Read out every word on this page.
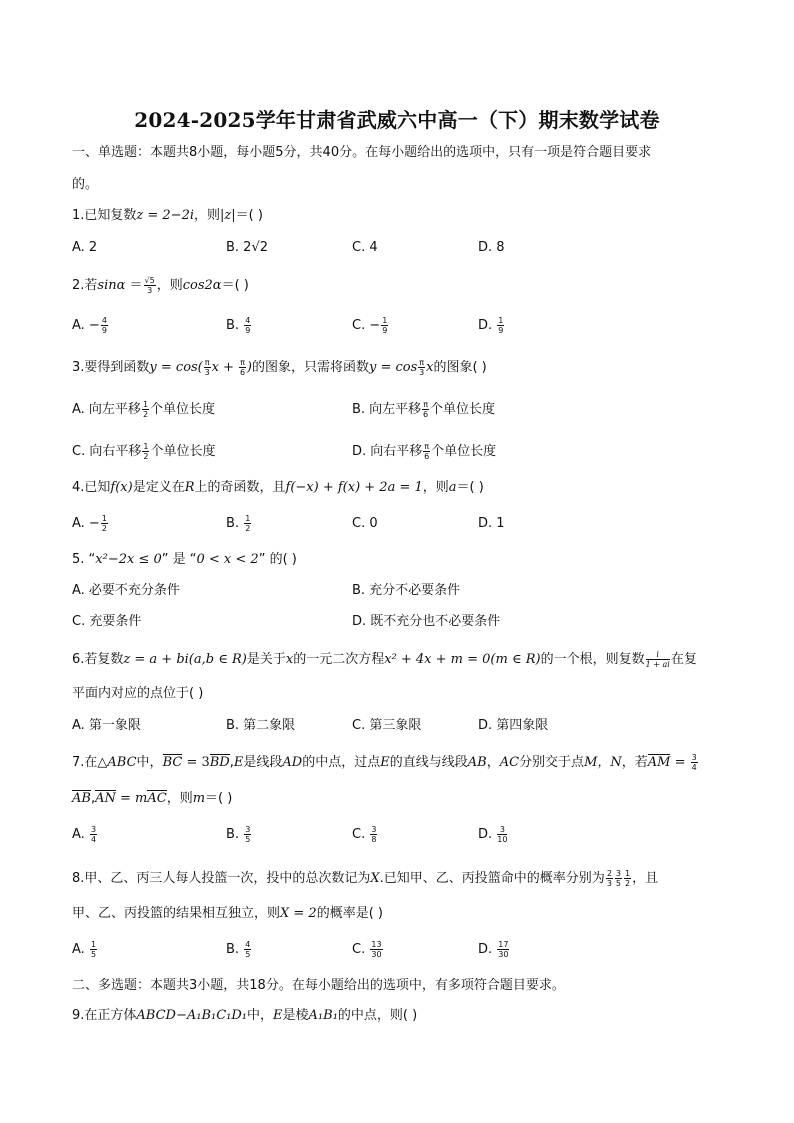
2024-2025学年甘肃省武威六中高一（下）期末数学试卷
一、单选题：本题共8小题，每小题5分，共40分。在每小题给出的选项中，只有一项是符合题目要求
的。
1.已知复数z = 2−2i，则|z|＝( )
A. 2	B. 2√2	C. 4	D. 8
2.若$\sin\alpha = \frac{√5}{3}$ ，则cos2α＝( )
A. − $\frac{4}{9}$	B. $\frac{4}{9}$	C. − $\frac{1}{9}$	D. $\frac{1}{9}$
3.要得到函数$y = \cos( \frac{\pi}{3}$ $x + \frac{\pi}{6}$ )的图象，只需将函数$y = \cos \frac{\pi}{3}$ x的图象( )
A. 向左平移 $\frac{1}{2}$ 个单位长度	B. 向左平移 $\frac{\pi}{6}$ 个单位长度
C. 向右平移 $\frac{1}{2}$ 个单位长度	D. 向右平移 $\frac{\pi}{6}$ 个单位长度
4.已知f(x)是定义在R上的奇函数，且f(−x) + f(x) + 2a = 1，则a＝( )
A. − $\frac{1}{2}$	B. $\frac{1}{2}$	C. 0	D. 1
5. “x²−2x ≤ 0” 是 “0 < x < 2” 的( )
A. 必要不充分条件	B. 充分不必要条件
C. 充要条件	D. 既不充分也不必要条件
6.若复数z = a + bi(a,b ∈ R)是关于x的一元二次方程x² + 4x + m = 0(m ∈ R)的一个根，则复数 $\frac{i}{1 + ai}$ 在复
平面内对应的点位于( )
A. 第一象限	B. 第二象限	C. 第三象限	D. 第四象限
7.在△ABC中，BC = 3BD,E是线段AD的中点，过点E的直线与线段AB，AC分别交于点M，N，若AM = $\frac{3}{4}$
AB,AN = mAC，则m＝( )
A. $\frac{3}{4}$	B. $\frac{3}{5}$	C. $\frac{3}{8}$	D. $\frac{3}{10}$
8.甲、乙、丙三人每人投篮一次，投中的总次数记为X.已知甲、乙、丙投篮命中的概率分别为 $\frac{2}{3} \frac{3}{5} \frac{1}{2}$ ，且
甲、乙、丙投篮的结果相互独立，则X = 2的概率是( )
A. $\frac{1}{5}$	B. $\frac{4}{5}$	C. $\frac{13}{30}$	D. $\frac{17}{30}$
二、多选题：本题共3小题，共18分。在每小题给出的选项中，有多项符合题目要求。
9.在正方体ABCD−A₁B₁C₁D₁中，E是棱A₁B₁的中点，则( )
